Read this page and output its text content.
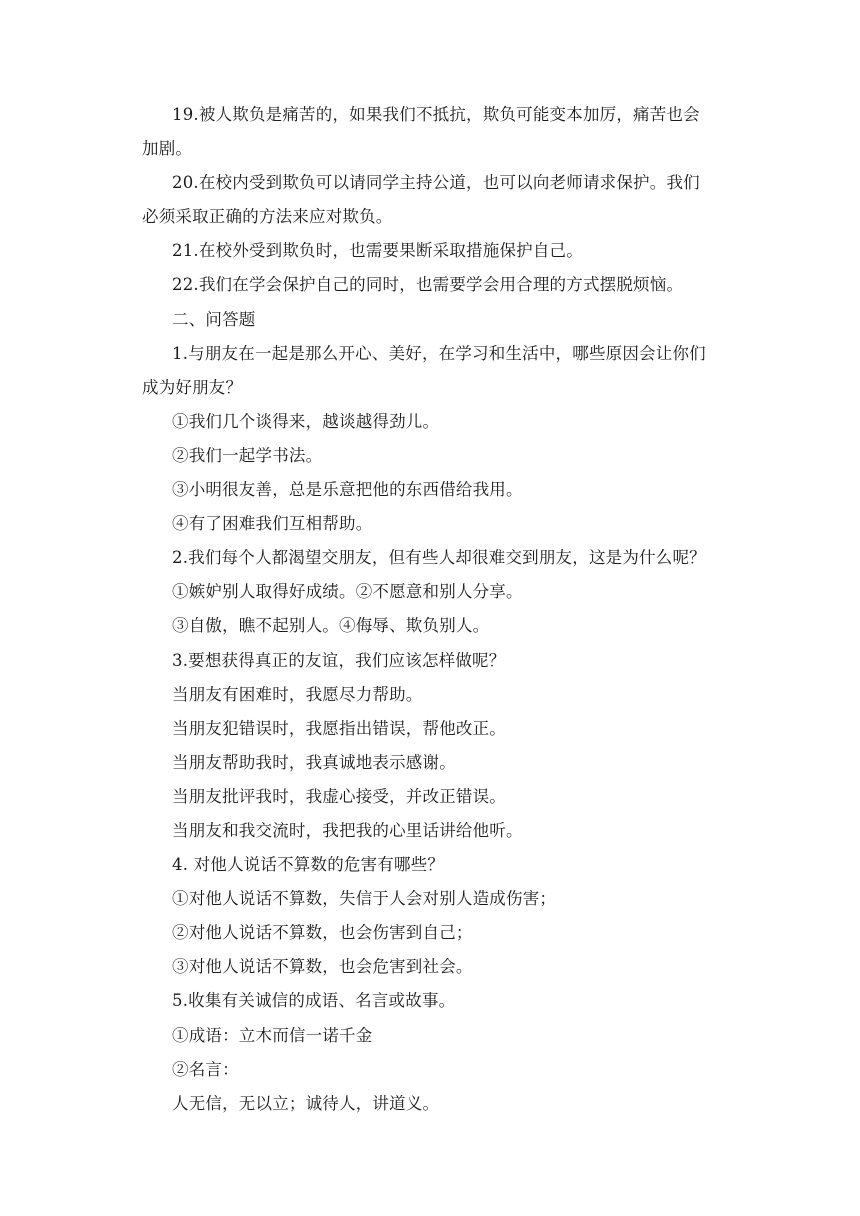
19.被人欺负是痛苦的，如果我们不抵抗，欺负可能变本加厉，痛苦也会

加剧。

20.在校内受到欺负可以请同学主持公道，也可以向老师请求保护。我们

必须采取正确的方法来应对欺负。

21.在校外受到欺负时，也需要果断采取措施保护自己。

22.我们在学会保护自己的同时，也需要学会用合理的方式摆脱烦恼。

二、问答题

1.与朋友在一起是那么开心、美好，在学习和生活中，哪些原因会让你们

成为好朋友？

①我们几个谈得来，越谈越得劲儿。

②我们一起学书法。

③小明很友善，总是乐意把他的东西借给我用。

④有了困难我们互相帮助。

2.我们每个人都渴望交朋友，但有些人却很难交到朋友，这是为什么呢？

①嫉妒别人取得好成绩。②不愿意和别人分享。

③自傲，瞧不起别人。④侮辱、欺负别人。

3.要想获得真正的友谊，我们应该怎样做呢？

当朋友有困难时，我愿尽力帮助。

当朋友犯错误时，我愿指出错误，帮他改正。

当朋友帮助我时，我真诚地表示感谢。

当朋友批评我时，我虚心接受，并改正错误。

当朋友和我交流时，我把我的心里话讲给他听。

4. 对他人说话不算数的危害有哪些？

①对他人说话不算数，失信于人会对别人造成伤害；

②对他人说话不算数，也会伤害到自己；

③对他人说话不算数，也会危害到社会。

5.收集有关诚信的成语、名言或故事。

①成语：立木而信一诺千金

②名言：

人无信，无以立；诚待人，讲道义。
